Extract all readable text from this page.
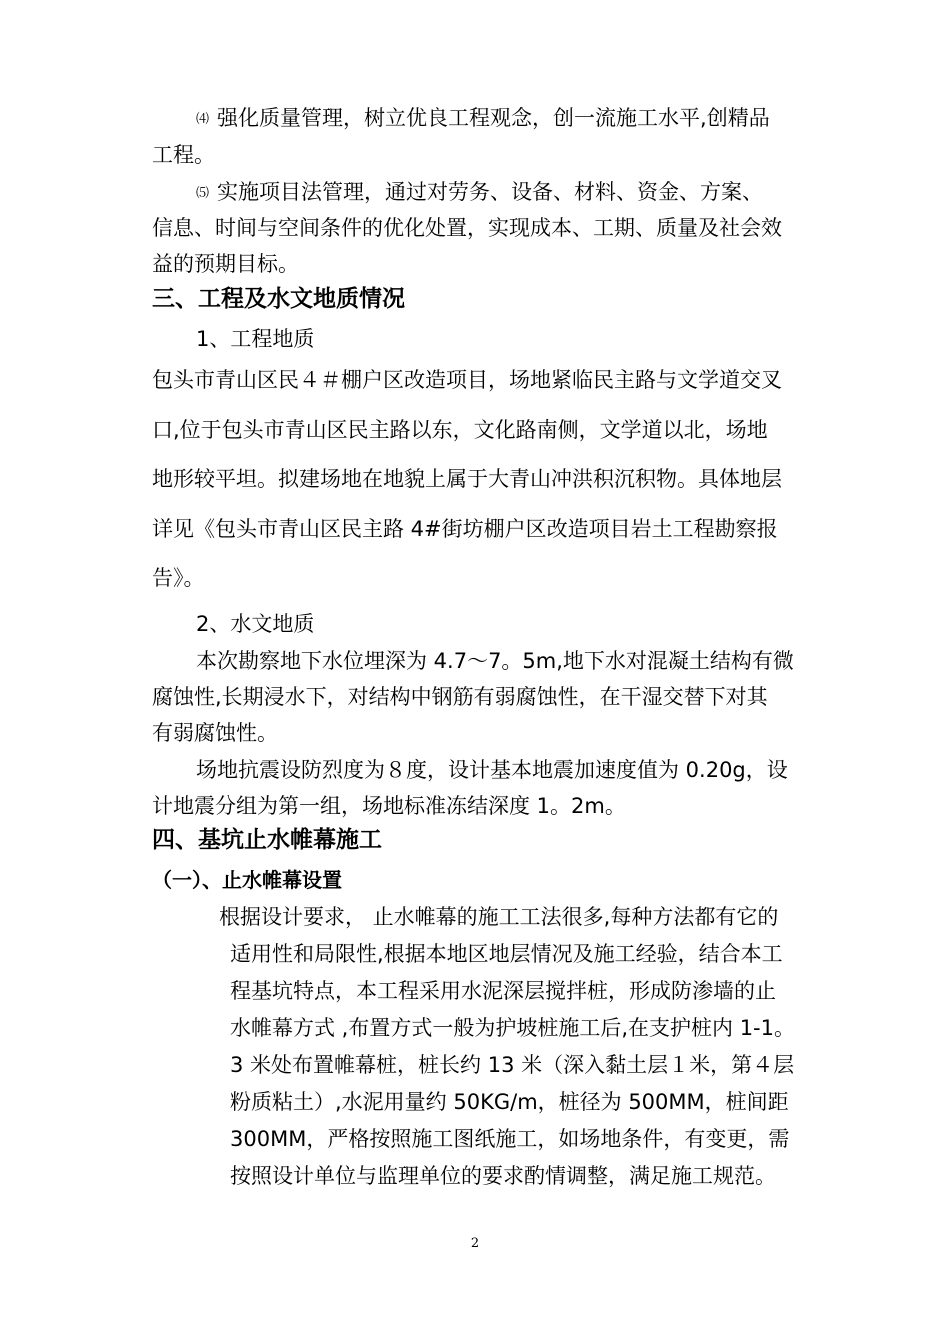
⑷ 强化质量管理，树立优良工程观念，创一流施工水平,创精品
工程。
⑸ 实施项目法管理，通过对劳务、设备、材料、资金、方案、
信息、时间与空间条件的优化处置，实现成本、工期、质量及社会效
益的预期目标。
三、工程及水文地质情况
1、工程地质
包头市青山区民４＃棚户区改造项目，场地紧临民主路与文学道交叉
口,位于包头市青山区民主路以东，文化路南侧，文学道以北，场地
地形较平坦。拟建场地在地貌上属于大青山冲洪积沉积物。具体地层
详见《包头市青山区民主路 4#街坊棚户区改造项目岩土工程勘察报
告》。
2、水文地质
本次勘察地下水位埋深为 4.7～7。5m,地下水对混凝土结构有微
腐蚀性,长期浸水下，对结构中钢筋有弱腐蚀性，在干湿交替下对其
有弱腐蚀性。
场地抗震设防烈度为８度，设计基本地震加速度值为 0.20g，设
计地震分组为第一组，场地标准冻结深度 1。2m。
四、基坑止水帷幕施工
（一）、止水帷幕设置
根据设计要求， 止水帷幕的施工工法很多,每种方法都有它的
适用性和局限性,根据本地区地层情况及施工经验，结合本工
程基坑特点，本工程采用水泥深层搅拌桩，形成防渗墙的止
水帷幕方式 ,布置方式一般为护坡桩施工后,在支护桩内 1-1。
3 米处布置帷幕桩，桩长约 13 米（深入黏土层１米，第４层
粉质粘土）,水泥用量约 50KG/m，桩径为 500MM，桩间距
300MM，严格按照施工图纸施工，如场地条件，有变更，需
按照设计单位与监理单位的要求酌情调整，满足施工规范。
2
